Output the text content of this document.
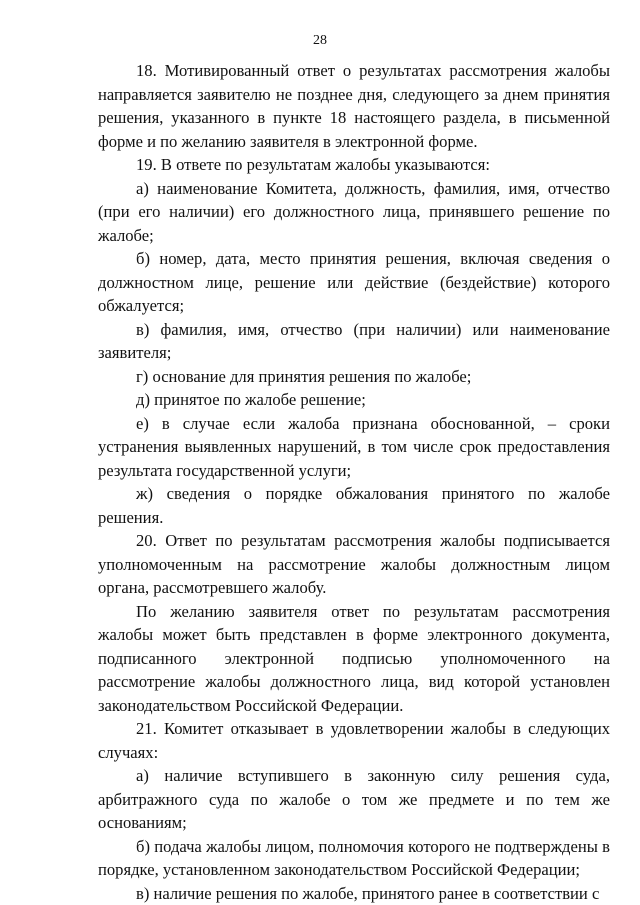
28

18. Мотивированный ответ о результатах рассмотрения жалобы направляется заявителю не позднее дня, следующего за днем принятия решения, указанного в пункте 18 настоящего раздела, в письменной форме и по желанию заявителя в электронной форме.

19. В ответе по результатам жалобы указываются:

а) наименование Комитета, должность, фамилия, имя, отчество (при его наличии) его должностного лица, принявшего решение по жалобе;

б) номер, дата, место принятия решения, включая сведения о должностном лице, решение или действие (бездействие) которого обжалуется;

в) фамилия, имя, отчество (при наличии) или наименование заявителя;

г) основание для принятия решения по жалобе;

д) принятое по жалобе решение;

е) в случае если жалоба признана обоснованной, – сроки устранения выявленных нарушений, в том числе срок предоставления результата государственной услуги;

ж) сведения о порядке обжалования принятого по жалобе решения.

20. Ответ по результатам рассмотрения жалобы подписывается уполномоченным на рассмотрение жалобы должностным лицом органа, рассмотревшего жалобу.

По желанию заявителя ответ по результатам рассмотрения жалобы может быть представлен в форме электронного документа, подписанного электронной подписью уполномоченного на рассмотрение жалобы должностного лица, вид которой установлен законодательством Российской Федерации.

21. Комитет отказывает в удовлетворении жалобы в следующих случаях:

а) наличие вступившего в законную силу решения суда, арбитражного суда по жалобе о том же предмете и по тем же основаниям;

б) подача жалобы лицом, полномочия которого не подтверждены в порядке, установленном законодательством Российской Федерации;

в) наличие решения по жалобе, принятого ранее в соответствии с
